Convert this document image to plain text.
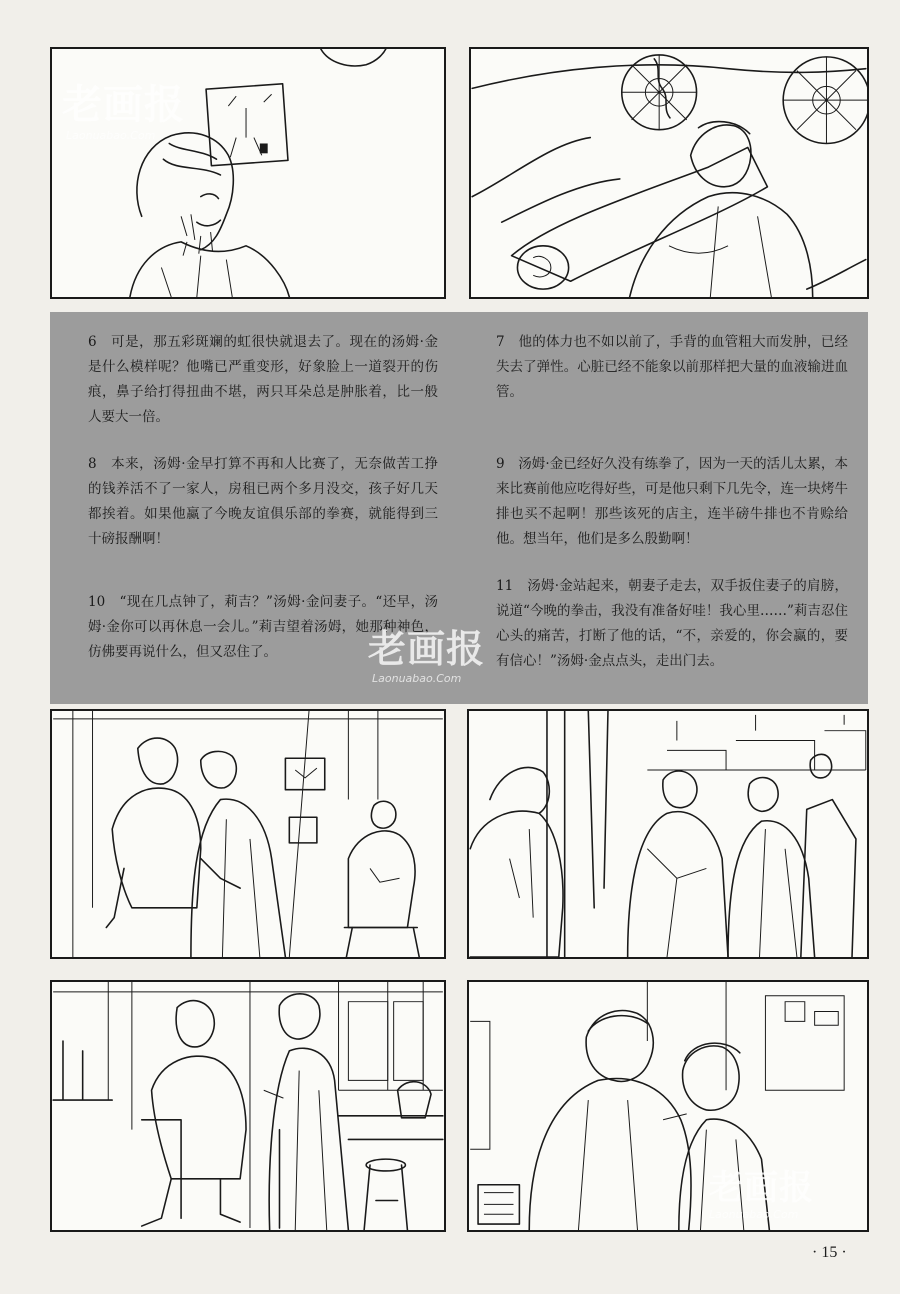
老画报
Laonuabao.Com

6　可是，那五彩斑斓的虹很快就退去了。现在的汤姆·金是什么模样呢？他嘴已严重变形，好象脸上一道裂开的伤痕，鼻子给打得扭曲不堪，两只耳朵总是肿胀着，比一般人要大一倍。

7　他的体力也不如以前了，手背的血管粗大而发肿，已经失去了弹性。心脏已经不能象以前那样把大量的血液输进血管。

8　本来，汤姆·金早打算不再和人比赛了，无奈做苦工挣的钱养活不了一家人，房租已两个多月没交，孩子好几天都挨着。如果他赢了今晚友谊俱乐部的拳赛，就能得到三十磅报酬啊！

9　汤姆·金已经好久没有练拳了，因为一天的活儿太累，本来比赛前他应吃得好些，可是他只剩下几先令，连一块烤牛排也买不起啊！那些该死的店主，连半磅牛排也不肯赊给他。想当年，他们是多么殷勤啊！

10　“现在几点钟了，莉吉？”汤姆·金问妻子。“还早，汤姆·金你可以再休息一会儿。”莉吉望着汤姆，她那种神色，仿佛要再说什么，但又忍住了。

11　汤姆·金站起来，朝妻子走去，双手扳住妻子的肩膀，说道“今晚的拳击，我没有准备好哇！我心里……”莉吉忍住心头的痛苦，打断了他的话，“不，亲爱的，你会赢的，要有信心！”汤姆·金点点头，走出门去。

老画报
Laonuabao.Com
老画报
Laonuabao.Com
· 15 ·
